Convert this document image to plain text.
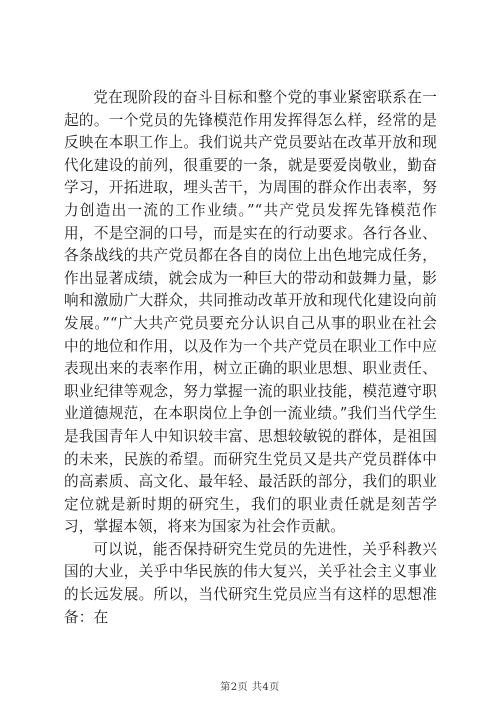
党在现阶段的奋斗目标和整个党的事业紧密联系在一起的。一个党员的先锋模范作用发挥得怎么样，经常的是反映在本职工作上。我们说共产党员要站在改革开放和现代化建设的前列，很重要的一条，就是要爱岗敬业，勤奋学习，开拓进取，埋头苦干，为周围的群众作出表率，努力创造出一流的工作业绩。”“共产党员发挥先锋模范作用，不是空洞的口号，而是实在的行动要求。各行各业、各条战线的共产党员都在各自的岗位上出色地完成任务，作出显著成绩，就会成为一种巨大的带动和鼓舞力量，影响和激励广大群众，共同推动改革开放和现代化建设向前发展。”“广大共产党员要充分认识自己从事的职业在社会中的地位和作用，以及作为一个共产党员在职业工作中应表现出来的表率作用，树立正确的职业思想、职业责任、职业纪律等观念，努力掌握一流的职业技能，模范遵守职业道德规范，在本职岗位上争创一流业绩。”我们当代学生是我国青年人中知识较丰富、思想较敏锐的群体，是祖国的未来，民族的希望。而研究生党员又是共产党员群体中的高素质、高文化、最年轻、最活跃的部分，我们的职业定位就是新时期的研究生，我们的职业责任就是刻苦学习，掌握本领，将来为国家为社会作贡献。

可以说，能否保持研究生党员的先进性，关乎科教兴国的大业，关乎中华民族的伟大复兴，关乎社会主义事业的长远发展。所以，当代研究生党员应当有这样的思想准备：在

第2页 共4页
